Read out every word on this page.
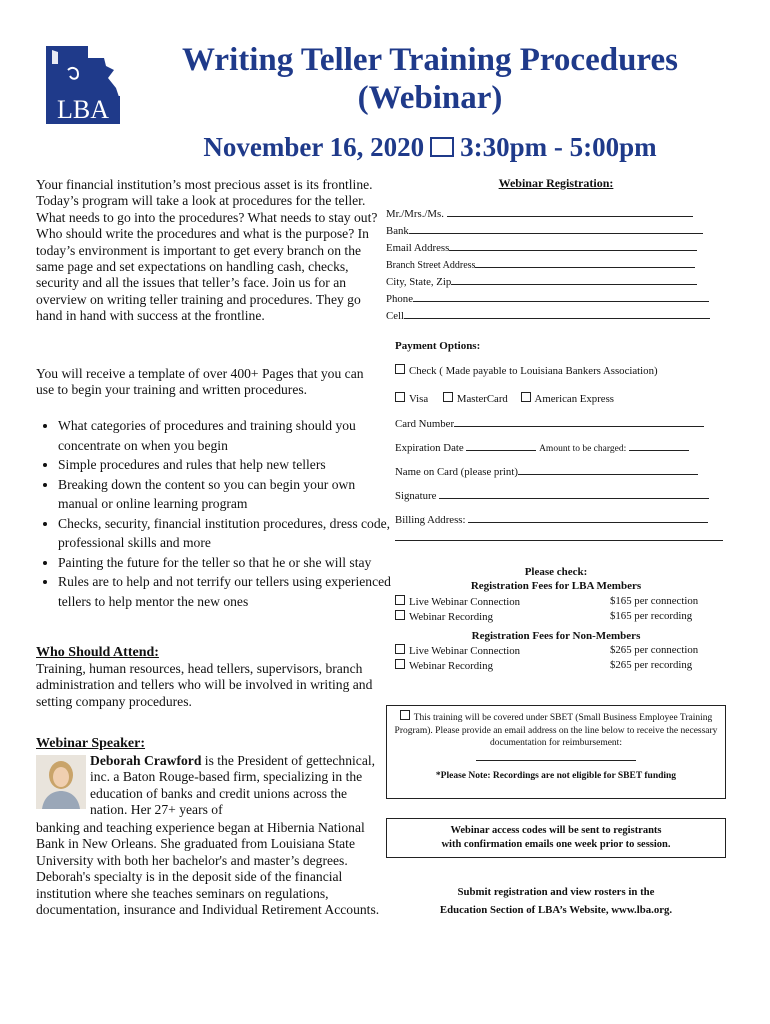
LBA
Writing Teller Training Procedures
(Webinar)
November 16, 2020 3:30pm - 5:00pm
Your financial institution’s most precious asset is its frontline. Today’s program will take a look at procedures for the teller. What needs to go into the procedures? What needs to stay out? Who should write the procedures and what is the purpose? In today’s environment is important to get every branch on the same page and set expectations on handling cash, checks, security and all the issues that teller’s face. Join us for an overview on writing teller training and procedures. They go hand in hand with success at the frontline.
You will receive a template of over 400+ Pages that you can use to begin your training and written procedures.
• What categories of procedures and training should you concentrate on when you begin
• Simple procedures and rules that help new tellers
• Breaking down the content so you can begin your own manual or online learning program
• Checks, security, financial institution procedures, dress code, professional skills and more
• Painting the future for the teller so that he or she will stay
• Rules are to help and not terrify our tellers using experienced tellers to help mentor the new ones
Who Should Attend:
Training, human resources, head tellers, supervisors, branch administration and tellers who will be involved in writing and setting company procedures.
Webinar Speaker:
Deborah Crawford is the President of gettechnical, inc. a Baton Rouge-based firm, specializing in the education of banks and credit unions across the nation. Her 27+ years of
banking and teaching experience began at Hibernia National Bank in New Orleans. She graduated from Louisiana State University with both her bachelor's and master’s degrees. Deborah's specialty is in the deposit side of the financial institution where she teaches seminars on regulations, documentation, insurance and Individual Retirement Accounts.
Webinar Registration:
Mr./Mrs./Ms.
Bank
Email Address
Branch Street Address
City, State, Zip
Phone
Cell
Payment Options:
Check ( Made payable to Louisiana Bankers Association)
Visa	MasterCard American Express
Card Number
Expiration Date	Amount to be charged:
Name on Card (please print)
Signature
Billing Address:
Please check:
Registration Fees for LBA Members
Live Webinar Connection	$165 per connection
Webinar Recording	$165 per recording
Registration Fees for Non-Members
Live Webinar Connection	$265 per connection
Webinar Recording	$265 per recording
This training will be covered under SBET (Small Business Employee Training Program). Please provide an email address on the line below to receive the necessary documentation for reimbursement:
*Please Note: Recordings are not eligible for SBET funding
Webinar access codes will be sent to registrants
with confirmation emails one week prior to session.
Submit registration and view rosters in the
Education Section of LBA’s Website, www.lba.org.
